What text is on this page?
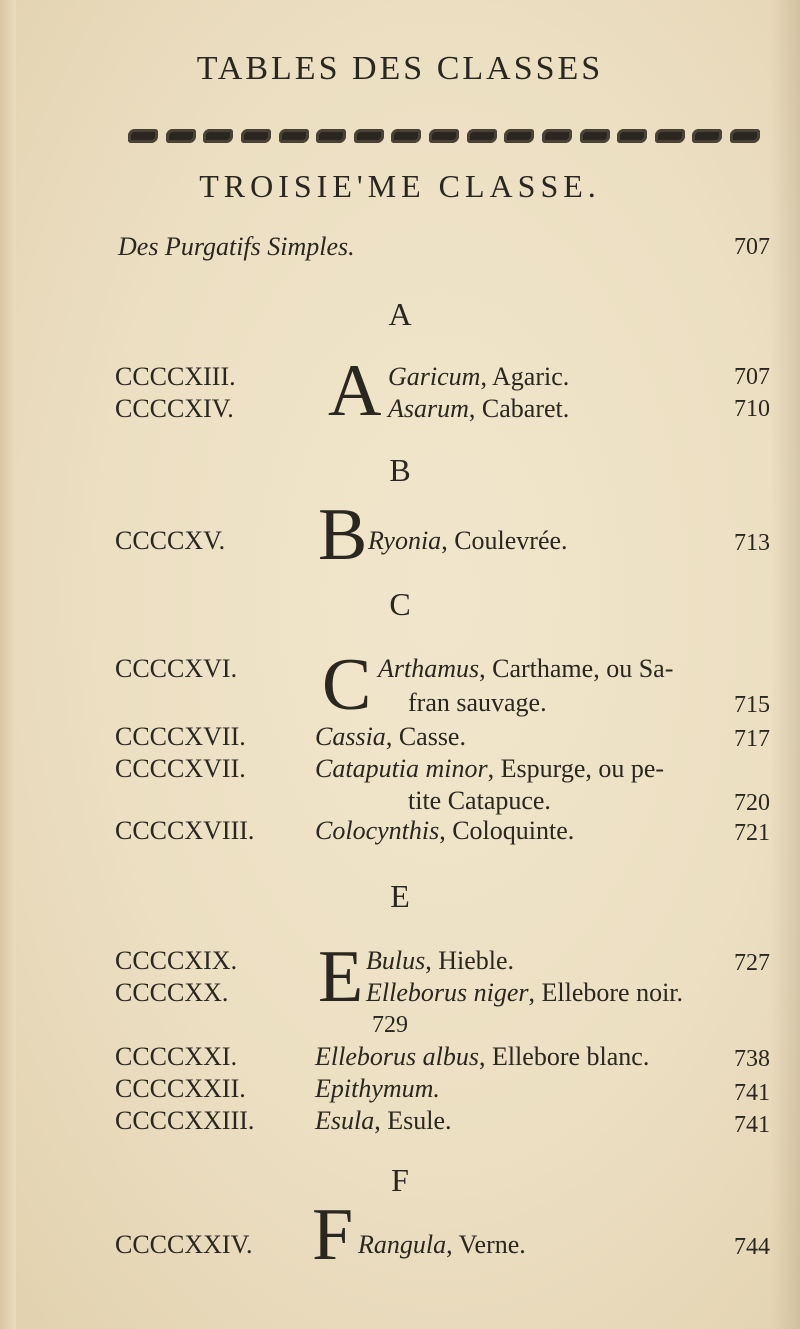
TABLES DES CLASSES
TROISIE'ME CLASSE.
Des Purgatifs Simples.	707
A
CCCCXIII. A Garicum, Agaric.	707
CCCCXIV.	Asarum, Cabaret.	710
B
CCCCXV. B Ryonia, Coulevrée.	713
C
CCCCXVI. C Arthamus, Carthame, ou Sa-
fran sauvage.	715
CCCCXVII.	Cassia, Casse.	717
CCCCXVII.	Cataputia minor, Espurge, ou pe-
tite Catapuce.	720
CCCCXVIII. Colocynthis, Coloquinte.	721
E
CCCCXIX. E Bulus, Hieble.	727
CCCCXX.	Elleborus niger, Ellebore noir.
729
CCCCXXI.	Elleborus albus, Ellebore blanc.	738
CCCCXXII.	Epithymum.	741
CCCCXXIII. Esula, Esule.	741
F
CCCCXXIV. F Rangula, Verne.	744
